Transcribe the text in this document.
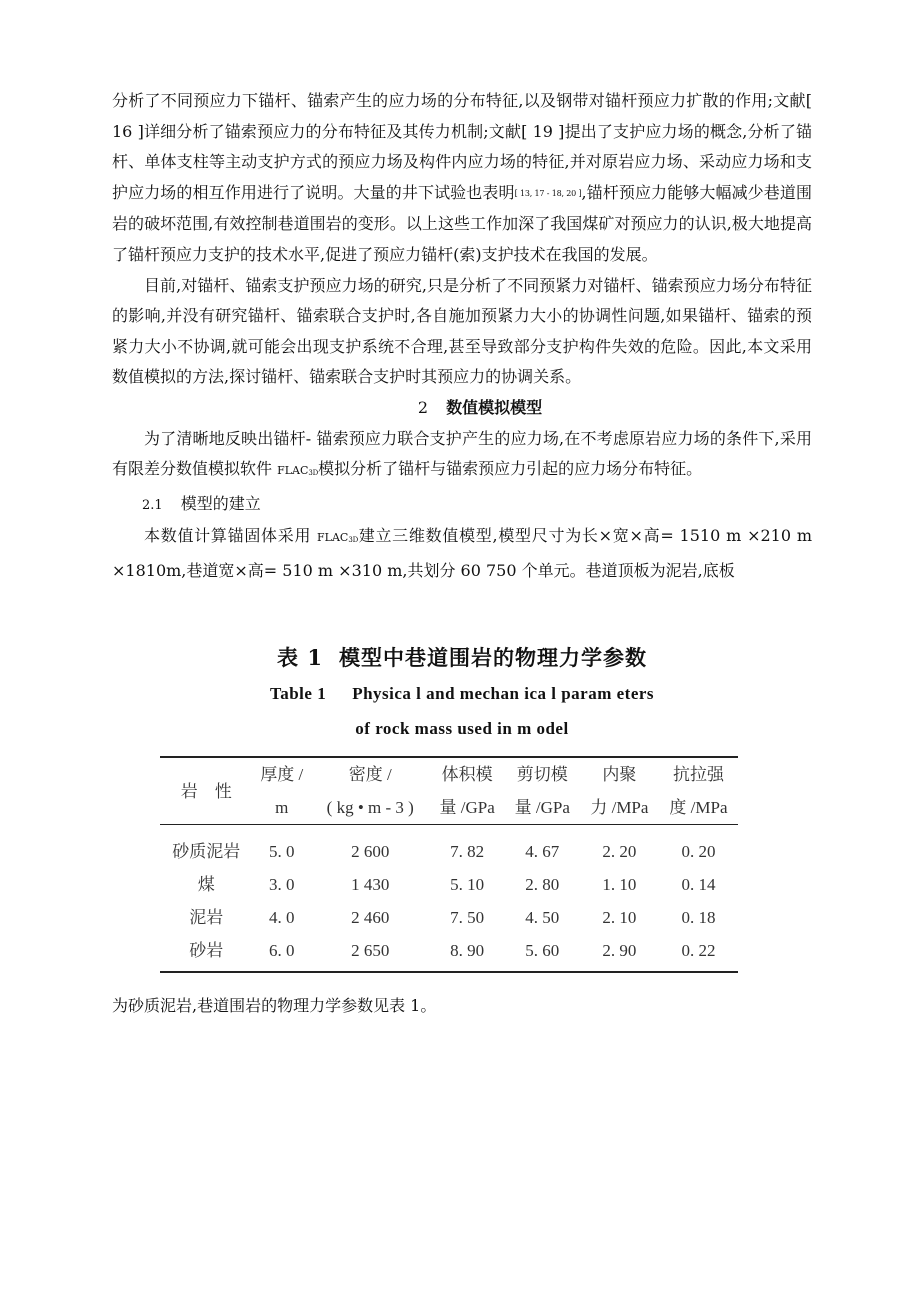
分析了不同预应力下锚杆、锚索产生的应力场的分布特征,以及钢带对锚杆预应力扩散的作用;文献[ 16 ]详细分析了锚索预应力的分布特征及其传力机制;文献[ 19 ]提出了支护应力场的概念,分析了锚杆、单体支柱等主动支护方式的预应力场及构件内应力场的特征,并对原岩应力场、采动应力场和支护应力场的相互作用进行了说明。大量的井下试验也表明[ 13, 17 - 18, 20 ],锚杆预应力能够大幅减少巷道围岩的破坏范围,有效控制巷道围岩的变形。以上这些工作加深了我国煤矿对预应力的认识,极大地提高了锚杆预应力支护的技术水平,促进了预应力锚杆(索)支护技术在我国的发展。

目前,对锚杆、锚索支护预应力场的研究,只是分析了不同预紧力对锚杆、锚索预应力场分布特征的影响,并没有研究锚杆、锚索联合支护时,各自施加预紧力大小的协调性问题,如果锚杆、锚索的预紧力大小不协调,就可能会出现支护系统不合理,甚至导致部分支护构件失效的危险。因此,本文采用数值模拟的方法,探讨锚杆、锚索联合支护时其预应力的协调关系。

2 数值模拟模型

为了清晰地反映出锚杆- 锚索预应力联合支护产生的应力场,在不考虑原岩应力场的条件下,采用有限差分数值模拟软件 FLAC3D模拟分析了锚杆与锚索预应力引起的应力场分布特征。

2.1 模型的建立

本数值计算锚固体采用 FLAC3D建立三维数值模型,模型尺寸为长×宽×高= 1510 m ×210 m ×1810m,巷道宽×高= 510 m ×310 m,共划分 60 750 个单元。巷道顶板为泥岩,底板

表 1 模型中巷道围岩的物理力学参数

Table 1 Physica l and mechan ica l param eters

of rock mass used in m odel

岩　性	厚度 /	密度 /	体积模	剪切模	内聚	抗拉强
	m	( kg • m - 3 )	量 /GPa	量 /GPa	力 /MPa	度 /MPa
砂质泥岩	5. 0	2 600	7. 82	4. 67	2. 20	0. 20
煤	3. 0	1 430	5. 10	2. 80	1. 10	0. 14
泥岩	4. 0	2 460	7. 50	4. 50	2. 10	0. 18
砂岩	6. 0	2 650	8. 90	5. 60	2. 90	0. 22

为砂质泥岩,巷道围岩的物理力学参数见表 1。
